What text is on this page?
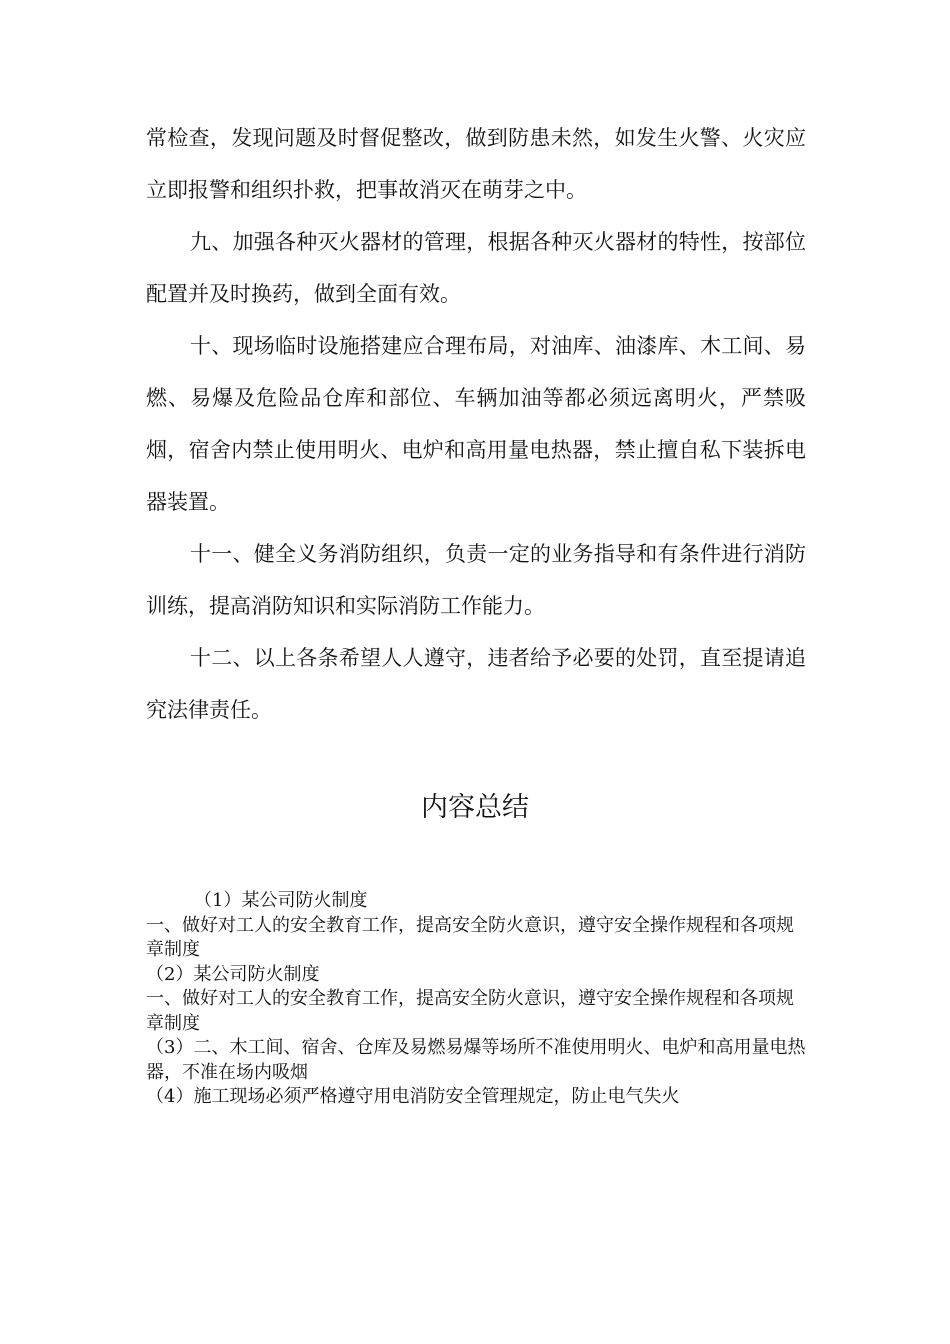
常检查，发现问题及时督促整改，做到防患未然，如发生火警、火灾应立即报警和组织扑救，把事故消灭在萌芽之中。

九、加强各种灭火器材的管理，根据各种灭火器材的特性，按部位配置并及时换药，做到全面有效。

十、现场临时设施搭建应合理布局，对油库、油漆库、木工间、易燃、易爆及危险品仓库和部位、车辆加油等都必须远离明火，严禁吸烟，宿舍内禁止使用明火、电炉和高用量电热器，禁止擅自私下装拆电器装置。

十一、健全义务消防组织，负责一定的业务指导和有条件进行消防训练，提高消防知识和实际消防工作能力。

十二、以上各条希望人人遵守，违者给予必要的处罚，直至提请追究法律责任。

内容总结

（1）某公司防火制度

一、做好对工人的安全教育工作，提高安全防火意识，遵守安全操作规程和各项规章制度

（2）某公司防火制度

一、做好对工人的安全教育工作，提高安全防火意识，遵守安全操作规程和各项规章制度

（3）二、木工间、宿舍、仓库及易燃易爆等场所不准使用明火、电炉和高用量电热器，不准在场内吸烟

（4）施工现场必须严格遵守用电消防安全管理规定，防止电气失火
